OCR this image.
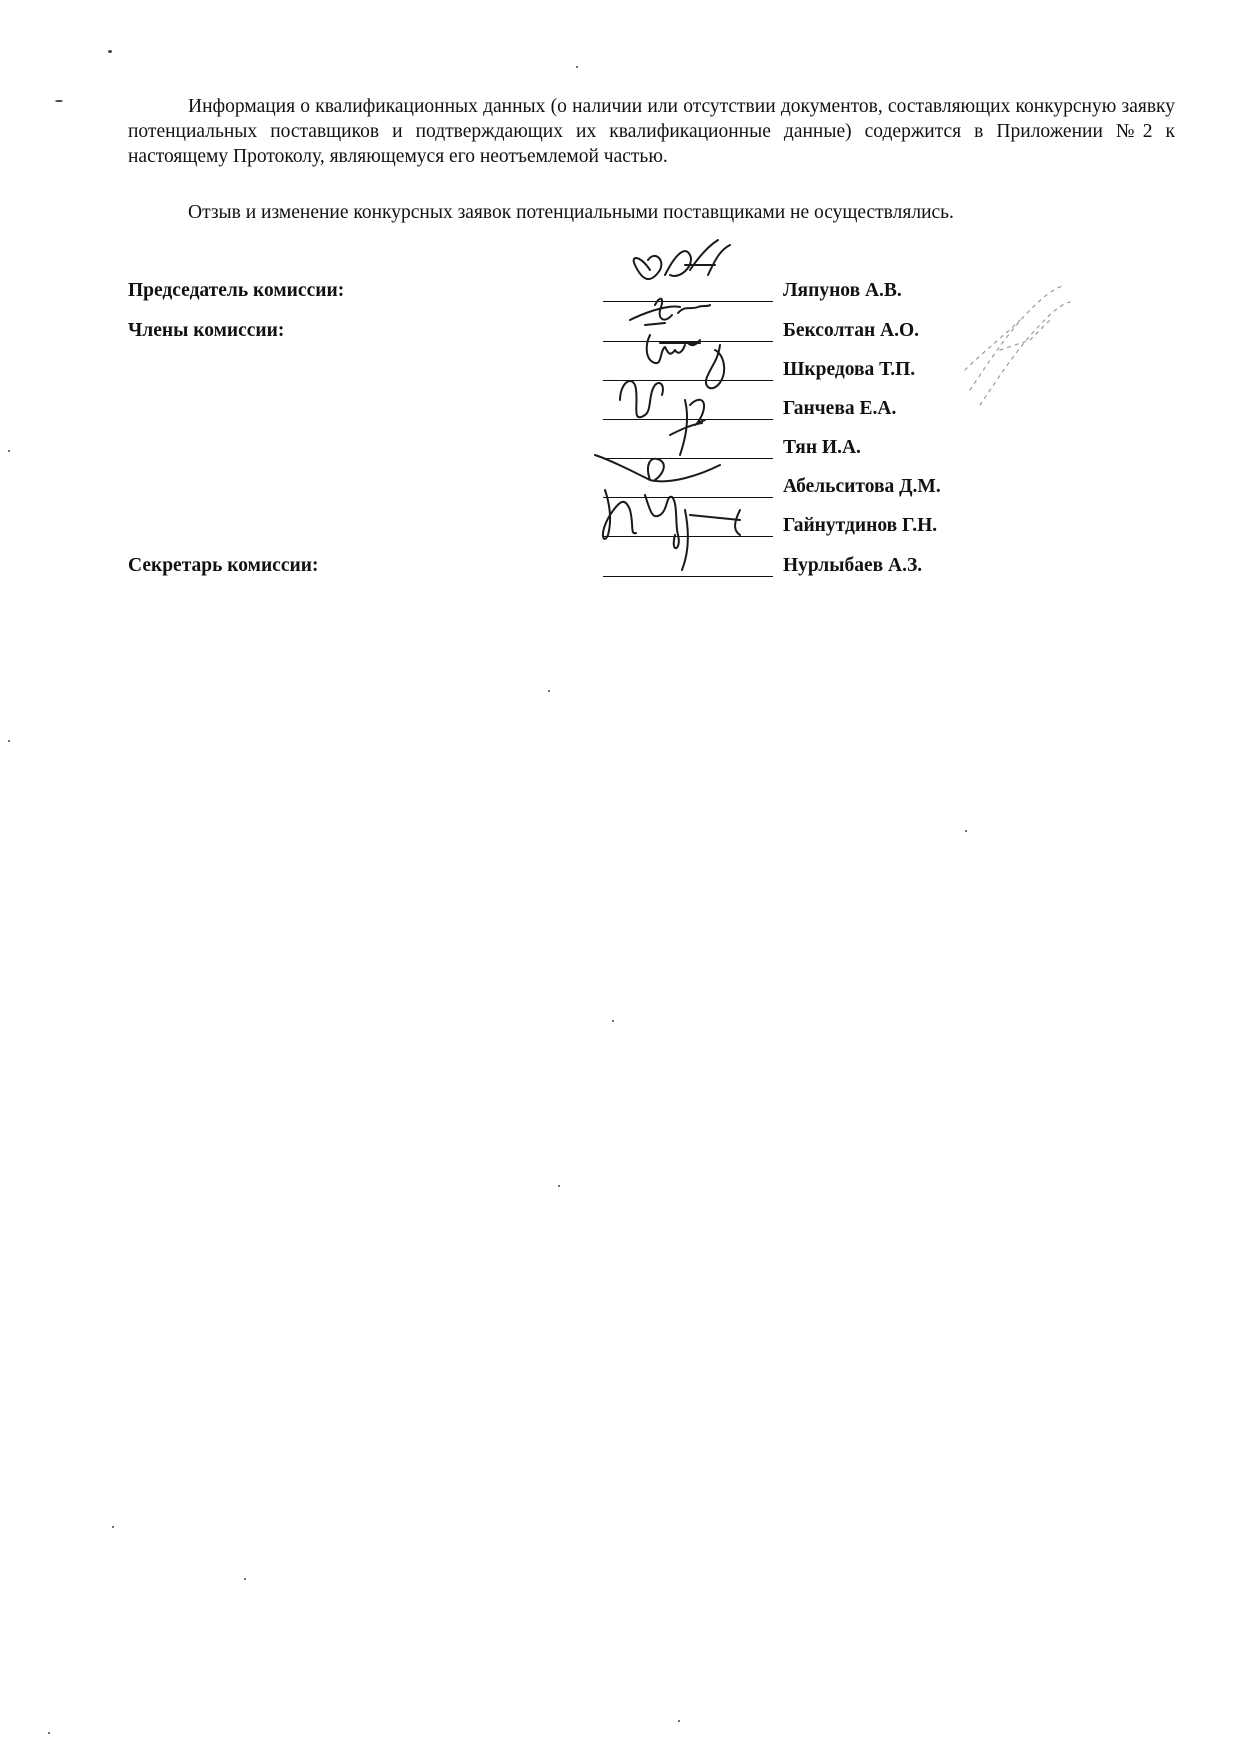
Информация о квалификационных данных (о наличии или отсутствии документов, составляющих конкурсную заявку потенциальных поставщиков и подтверждающих их квалификационные данные) содержится в Приложении №2 к настоящему Протоколу, являющемуся его неотъемлемой частью.

Отзыв и изменение конкурсных заявок потенциальными поставщиками не осуществлялись.

Председатель комиссии:
Члены комиссии:
Секретарь комиссии:
Ляпунов А.В.
Бексолтан А.О.
Шкредова Т.П.
Ганчева Е.А.
Тян И.А.
Абельситова Д.М.
Гайнутдинов Г.Н.
Нурлыбаев А.З.
